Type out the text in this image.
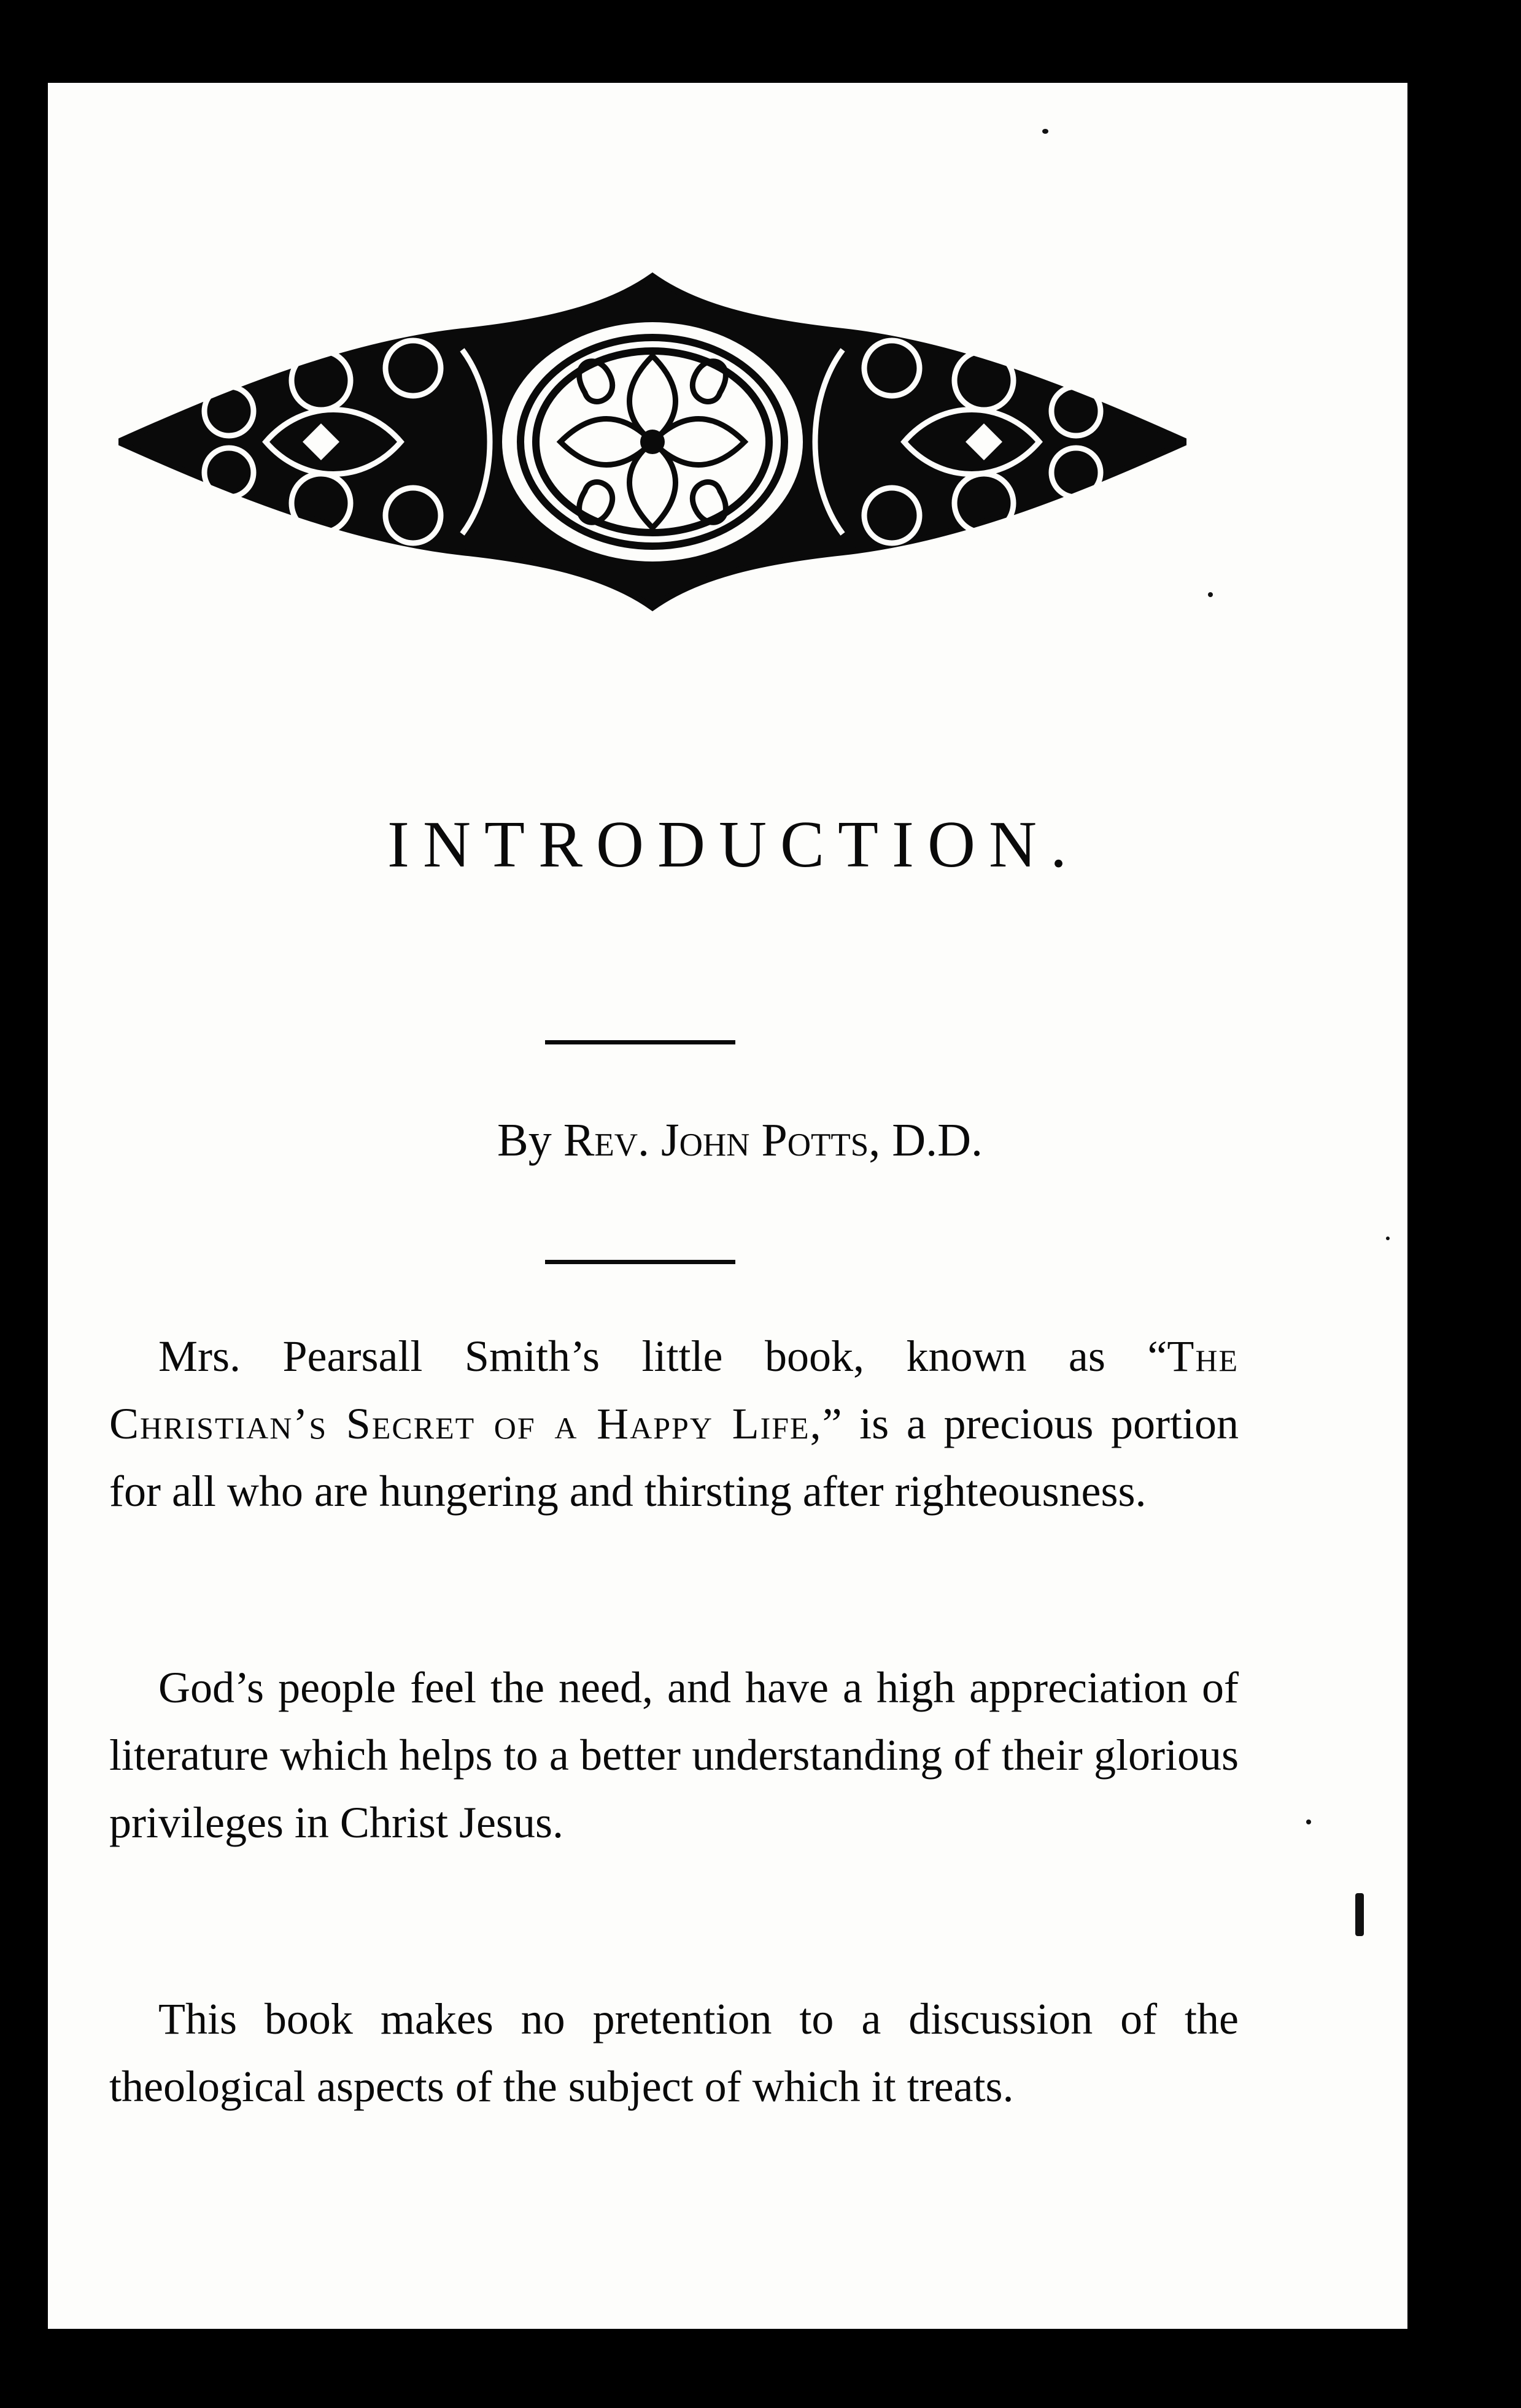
INTRODUCTION.

By Rev. John Potts, D.D.

Mrs. Pearsall Smith’s little book, known as “The Christian’s Secret of a Happy Life,” is a precious portion for all who are hungering and thirsting after righteousness.

God’s people feel the need, and have a high appreciation of literature which helps to a better understanding of their glorious privileges in Christ Jesus.

This book makes no pretention to a discussion of the theological aspects of the subject of which it treats.
